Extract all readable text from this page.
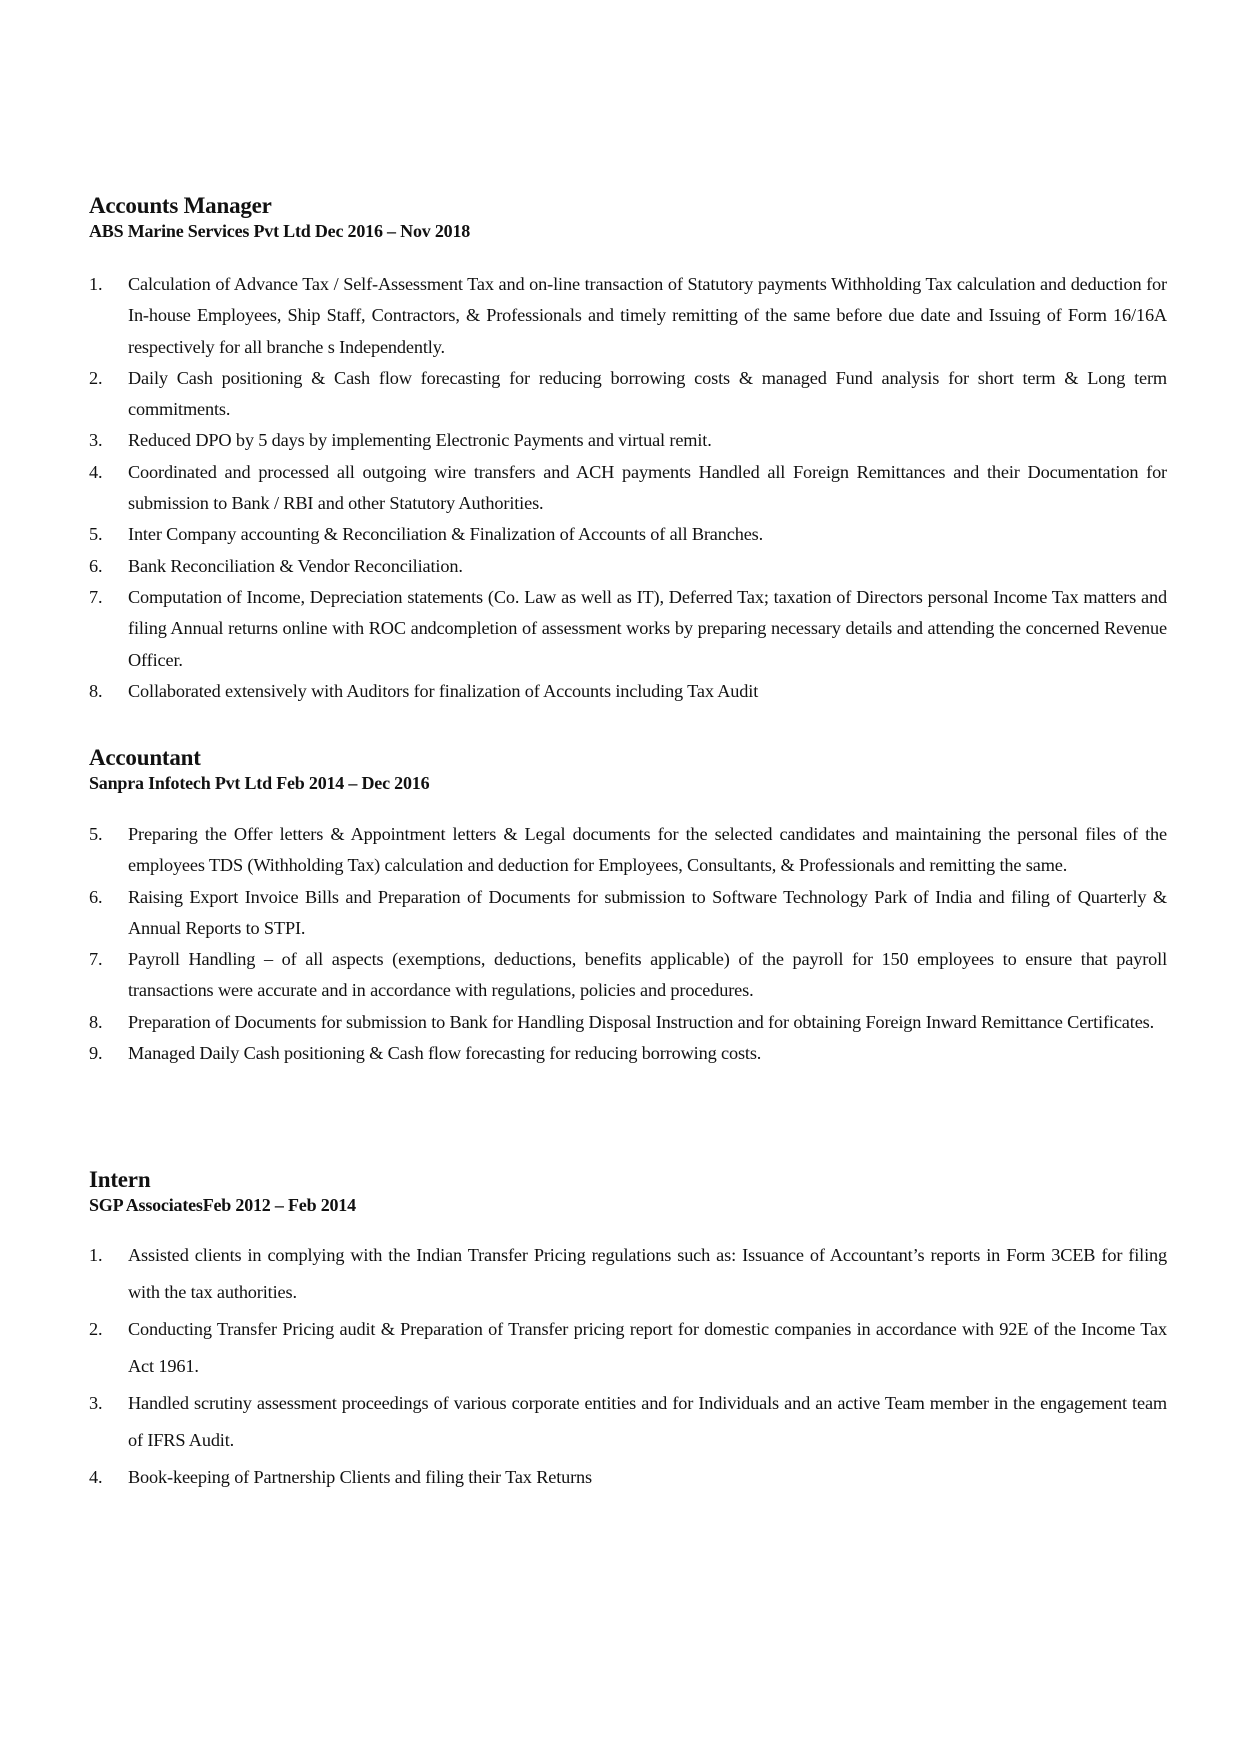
Accounts Manager

ABS Marine Services Pvt Ltd Dec 2016 – Nov 2018

1. Calculation of Advance Tax / Self-Assessment Tax and on-line transaction of Statutory payments Withholding Tax calculation and deduction for In-house Employees, Ship Staff, Contractors, & Professionals and timely remitting of the same before due date and Issuing of Form 16/16A respectively for all branche s Independently.
2. Daily Cash positioning & Cash flow forecasting for reducing borrowing costs & managed Fund analysis for short term & Long term commitments.
3. Reduced DPO by 5 days by implementing Electronic Payments and virtual remit.
4. Coordinated and processed all outgoing wire transfers and ACH payments Handled all Foreign Remittances and their Documentation for submission to Bank / RBI and other Statutory Authorities.
5. Inter Company accounting & Reconciliation & Finalization of Accounts of all Branches.
6. Bank Reconciliation & Vendor Reconciliation.
7. Computation of Income, Depreciation statements (Co. Law as well as IT), Deferred Tax; taxation of Directors personal Income Tax matters and filing Annual returns online with ROC andcompletion of assessment works by preparing necessary details and attending the concerned Revenue Officer.
8. Collaborated extensively with Auditors for finalization of Accounts including Tax Audit
Accountant

Sanpra Infotech Pvt Ltd Feb 2014 – Dec 2016

5. Preparing the Offer letters & Appointment letters & Legal documents for the selected candidates and maintaining the personal files of the employees TDS (Withholding Tax) calculation and deduction for Employees, Consultants, & Professionals and remitting the same.
6. Raising Export Invoice Bills and Preparation of Documents for submission to Software Technology Park of India and filing of Quarterly & Annual Reports to STPI.
7. Payroll Handling – of all aspects (exemptions, deductions, benefits applicable) of the payroll for 150 employees to ensure that payroll transactions were accurate and in accordance with regulations, policies and procedures.
8. Preparation of Documents for submission to Bank for Handling Disposal Instruction and for obtaining Foreign Inward Remittance Certificates.
9. Managed Daily Cash positioning & Cash flow forecasting for reducing borrowing costs.
Intern

SGP AssociatesFeb 2012 – Feb 2014

1. Assisted clients in complying with the Indian Transfer Pricing regulations such as: Issuance of Accountant’s reports in Form 3CEB for filing with the tax authorities.
2. Conducting Transfer Pricing audit & Preparation of Transfer pricing report for domestic companies in accordance with 92E of the Income Tax Act 1961.
3. Handled scrutiny assessment proceedings of various corporate entities and for Individuals and an active Team member in the engagement team of IFRS Audit.
4. Book-keeping of Partnership Clients and filing their Tax Returns
